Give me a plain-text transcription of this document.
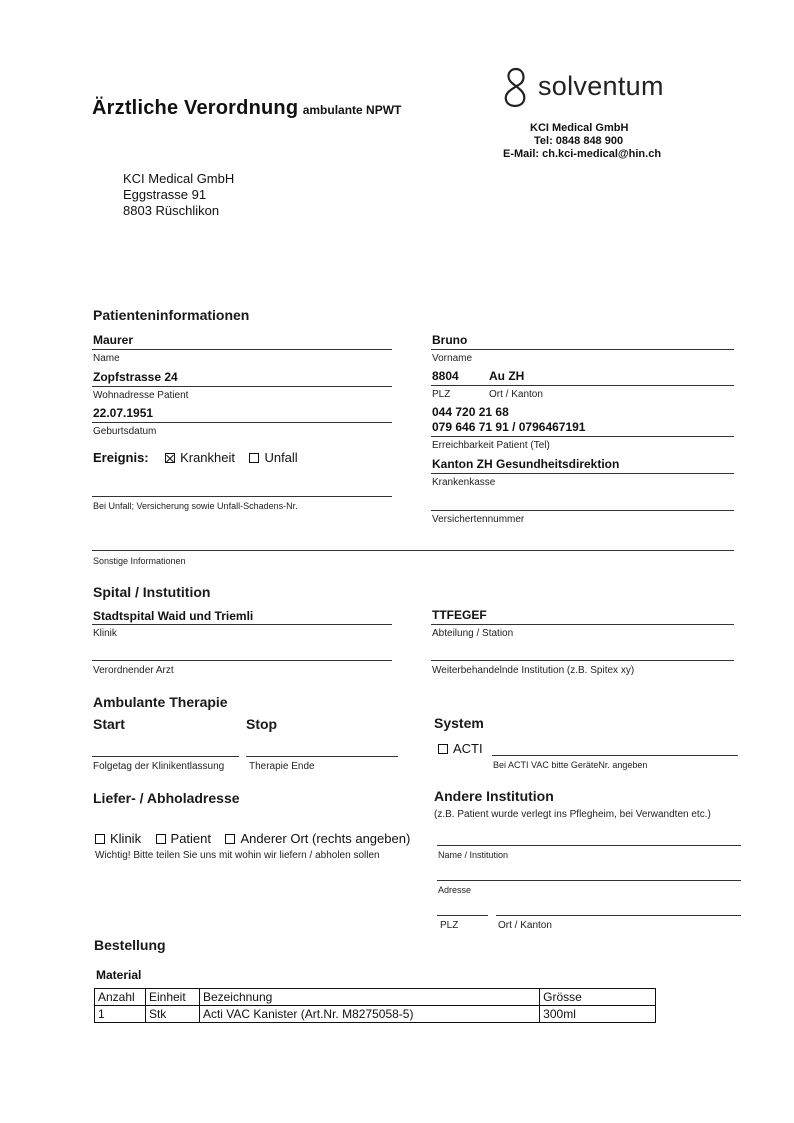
Ärztliche Verordnung ambulante NPWT
solventum
KCI Medical GmbH
Tel: 0848 848 900
E-Mail: ch.kci-medical@hin.ch
KCI Medical GmbH
Eggstrasse 91
8803 Rüschlikon
Patienteninformationen
Maurer
Name
Bruno
Vorname
Zopfstrasse 24
Wohnadresse Patient
8804	Au ZH
PLZ	Ort / Kanton
22.07.1951
Geburtsdatum
044 720 21 68
079 646 71 91 / 0796467191
Erreichbarkeit Patient (Tel)
Ereignis: Krankheit Unfall	Kanton ZH Gesundheitsdirektion
Krankenkasse
Bei Unfall; Versicherung sowie Unfall-Schadens-Nr.
Versichertennummer
Sonstige Informationen
Spital / Instutition
Stadtspital Waid und Triemli
Klinik
TTFEGEF
Abteilung / Station
Verordnender Arzt	Weiterbehandelnde Institution (z.B. Spitex xy)
Ambulante Therapie
Start	Stop
Folgetag der Klinikentlassung Therapie Ende
System
ACTI
Bei ACTI VAC bitte GeräteNr. angeben
Liefer- / Abholadresse
Klinik Patient Anderer Ort (rechts angeben)
Wichtig! Bitte teilen Sie uns mit wohin wir liefern / abholen sollen
Andere Institution
(z.B. Patient wurde verlegt ins Pflegheim, bei Verwandten etc.)
Name / Institution
Adresse
PLZ	Ort / Kanton
Bestellung
Material
Anzahl	Einheit	Bezeichnung	Grösse
1	Stk	Acti VAC Kanister (Art.Nr. M8275058-5)	300ml
